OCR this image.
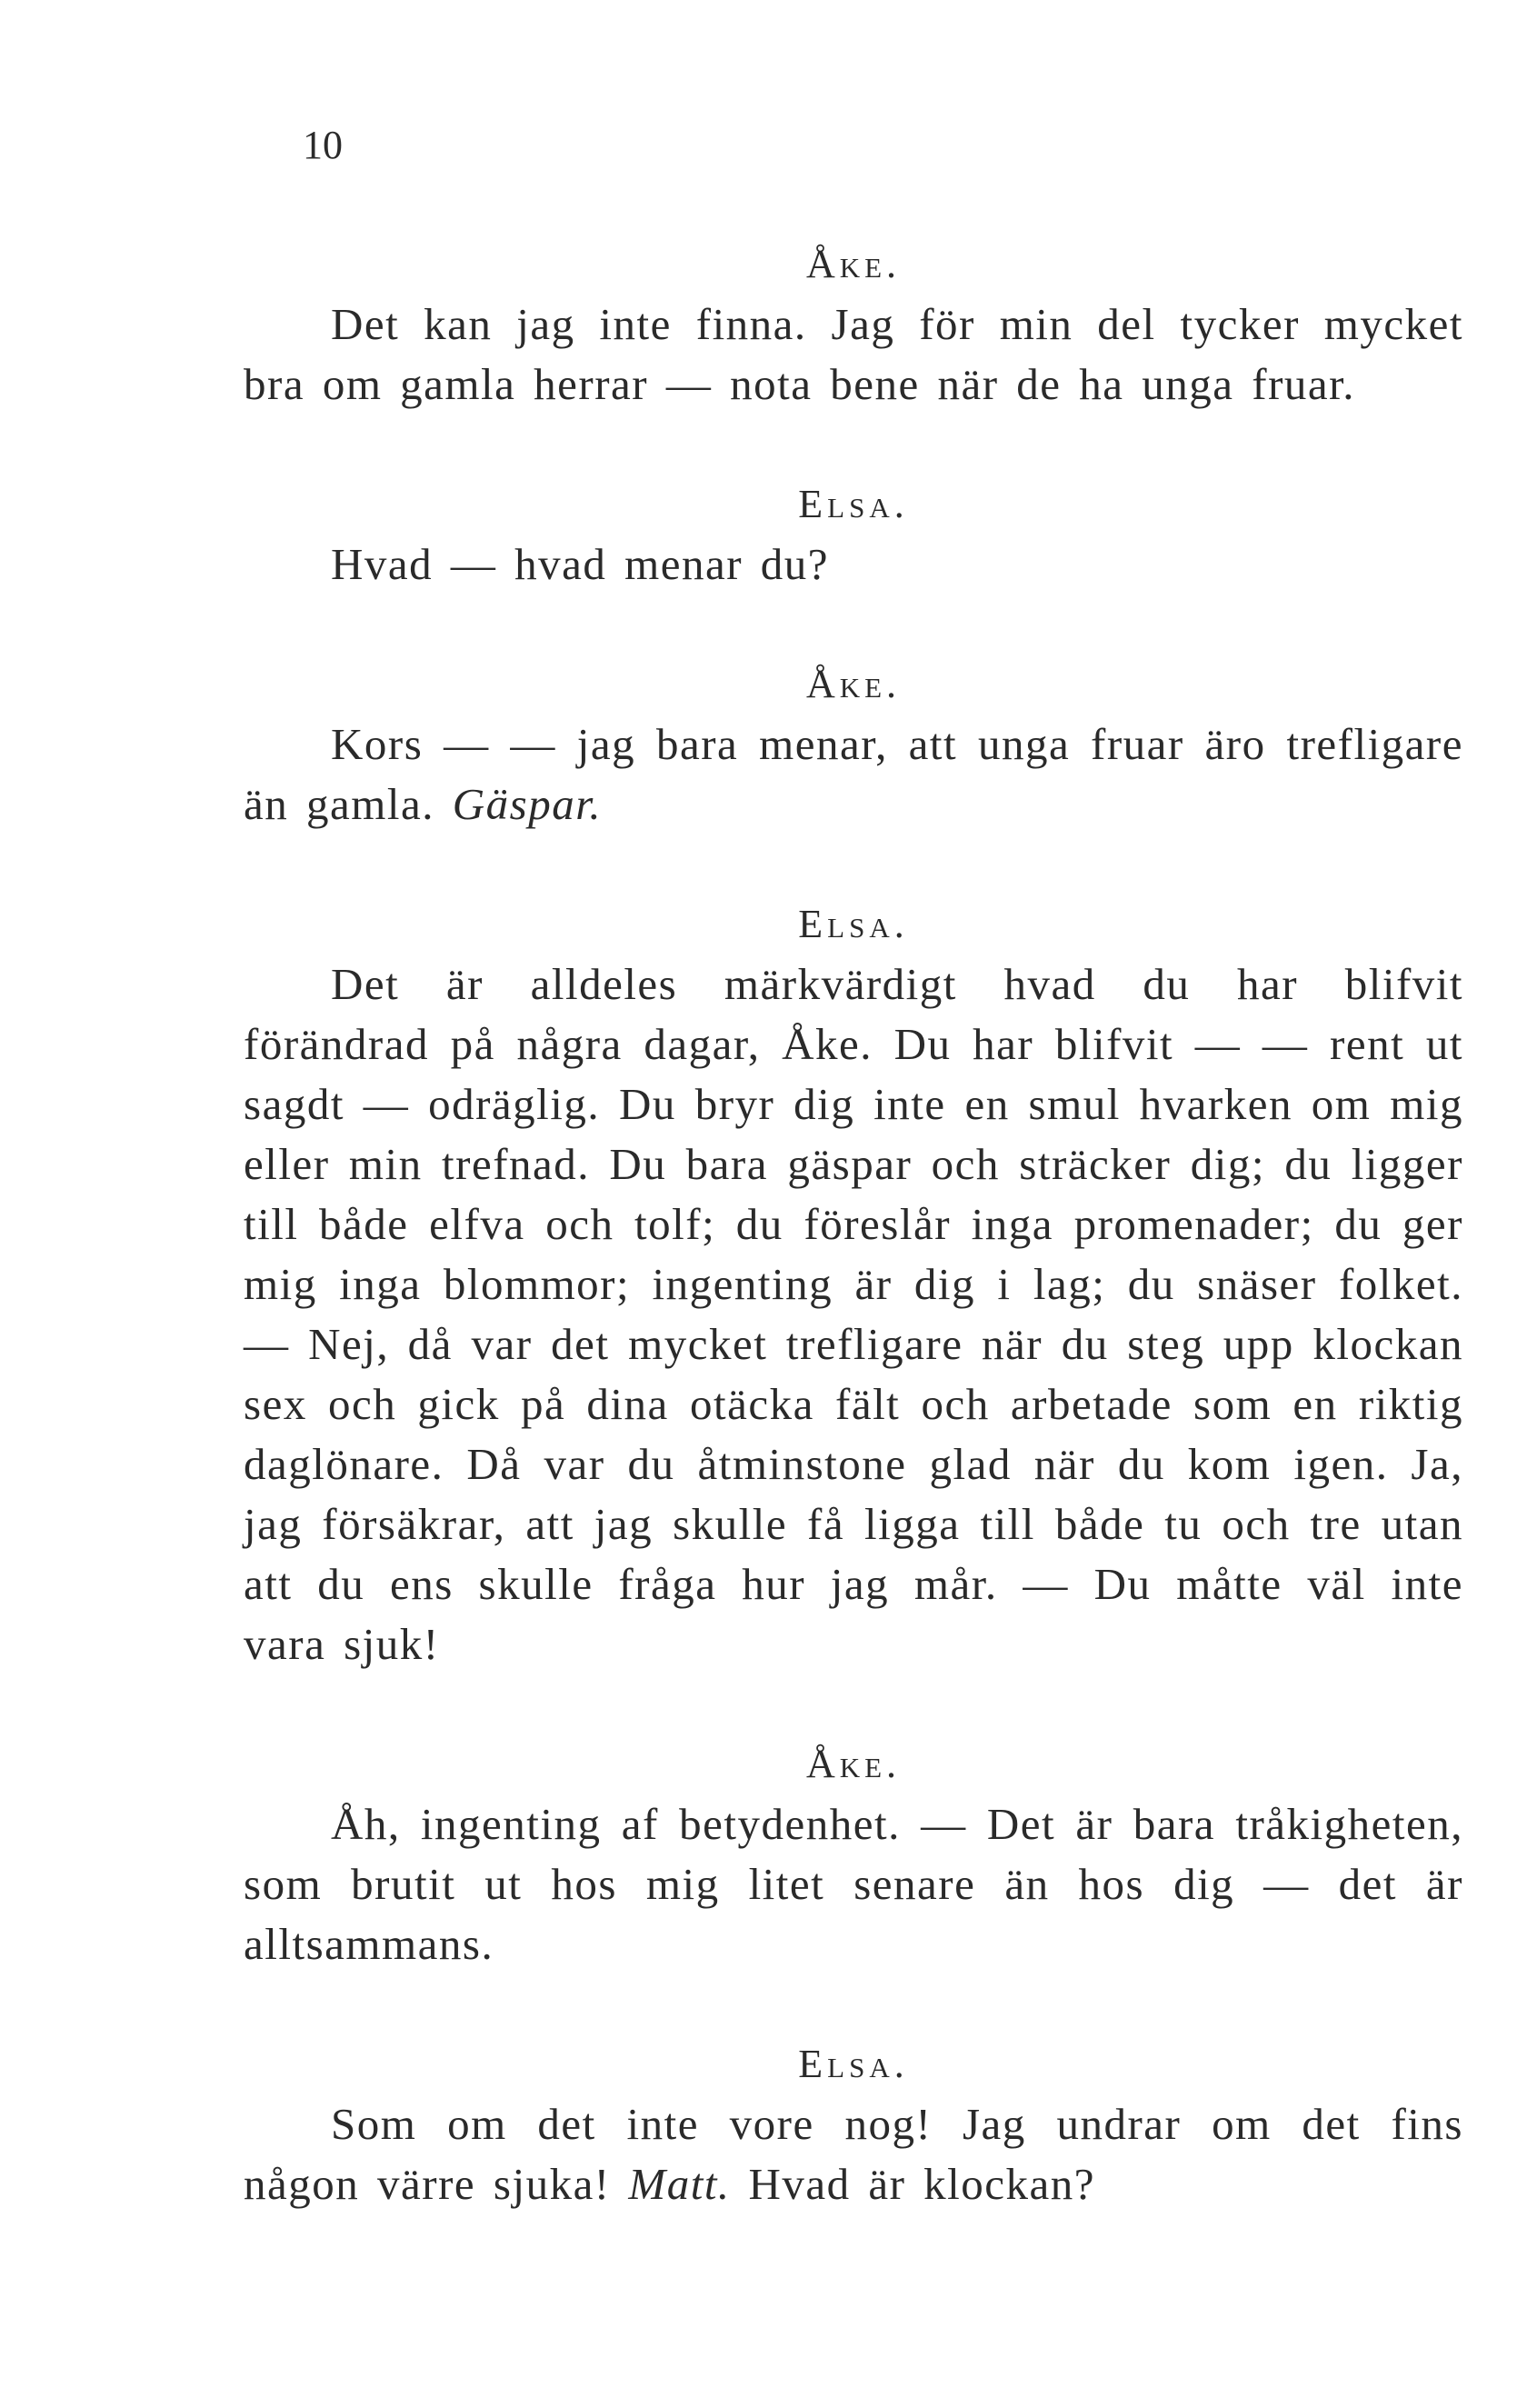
10
Åke.

Det kan jag inte finna. Jag för min del tycker mycket bra om gamla herrar — nota bene när de ha unga fruar.

Elsa.

Hvad — hvad menar du?

Åke.

Kors — — jag bara menar, att unga fruar äro trefligare än gamla. Gäspar.

Elsa.

Det är alldeles märkvärdigt hvad du har blifvit förändrad på några dagar, Åke. Du har blifvit — — rent ut sagdt — odräglig. Du bryr dig inte en smul hvarken om mig eller min trefnad. Du bara gäspar och sträcker dig; du ligger till både elfva och tolf; du föreslår inga promenader; du ger mig inga blommor; ingenting är dig i lag; du snäser folket. — Nej, då var det mycket trefligare när du steg upp klockan sex och gick på dina otäcka fält och arbetade som en riktig daglönare. Då var du åtminstone glad när du kom igen. Ja, jag försäkrar, att jag skulle få ligga till både tu och tre utan att du ens skulle fråga hur jag mår. — Du måtte väl inte vara sjuk!

Åke.

Åh, ingenting af betydenhet. — Det är bara tråkigheten, som brutit ut hos mig litet senare än hos dig — det är alltsammans.

Elsa.

Som om det inte vore nog! Jag undrar om det fins någon värre sjuka! Matt. Hvad är klockan?
